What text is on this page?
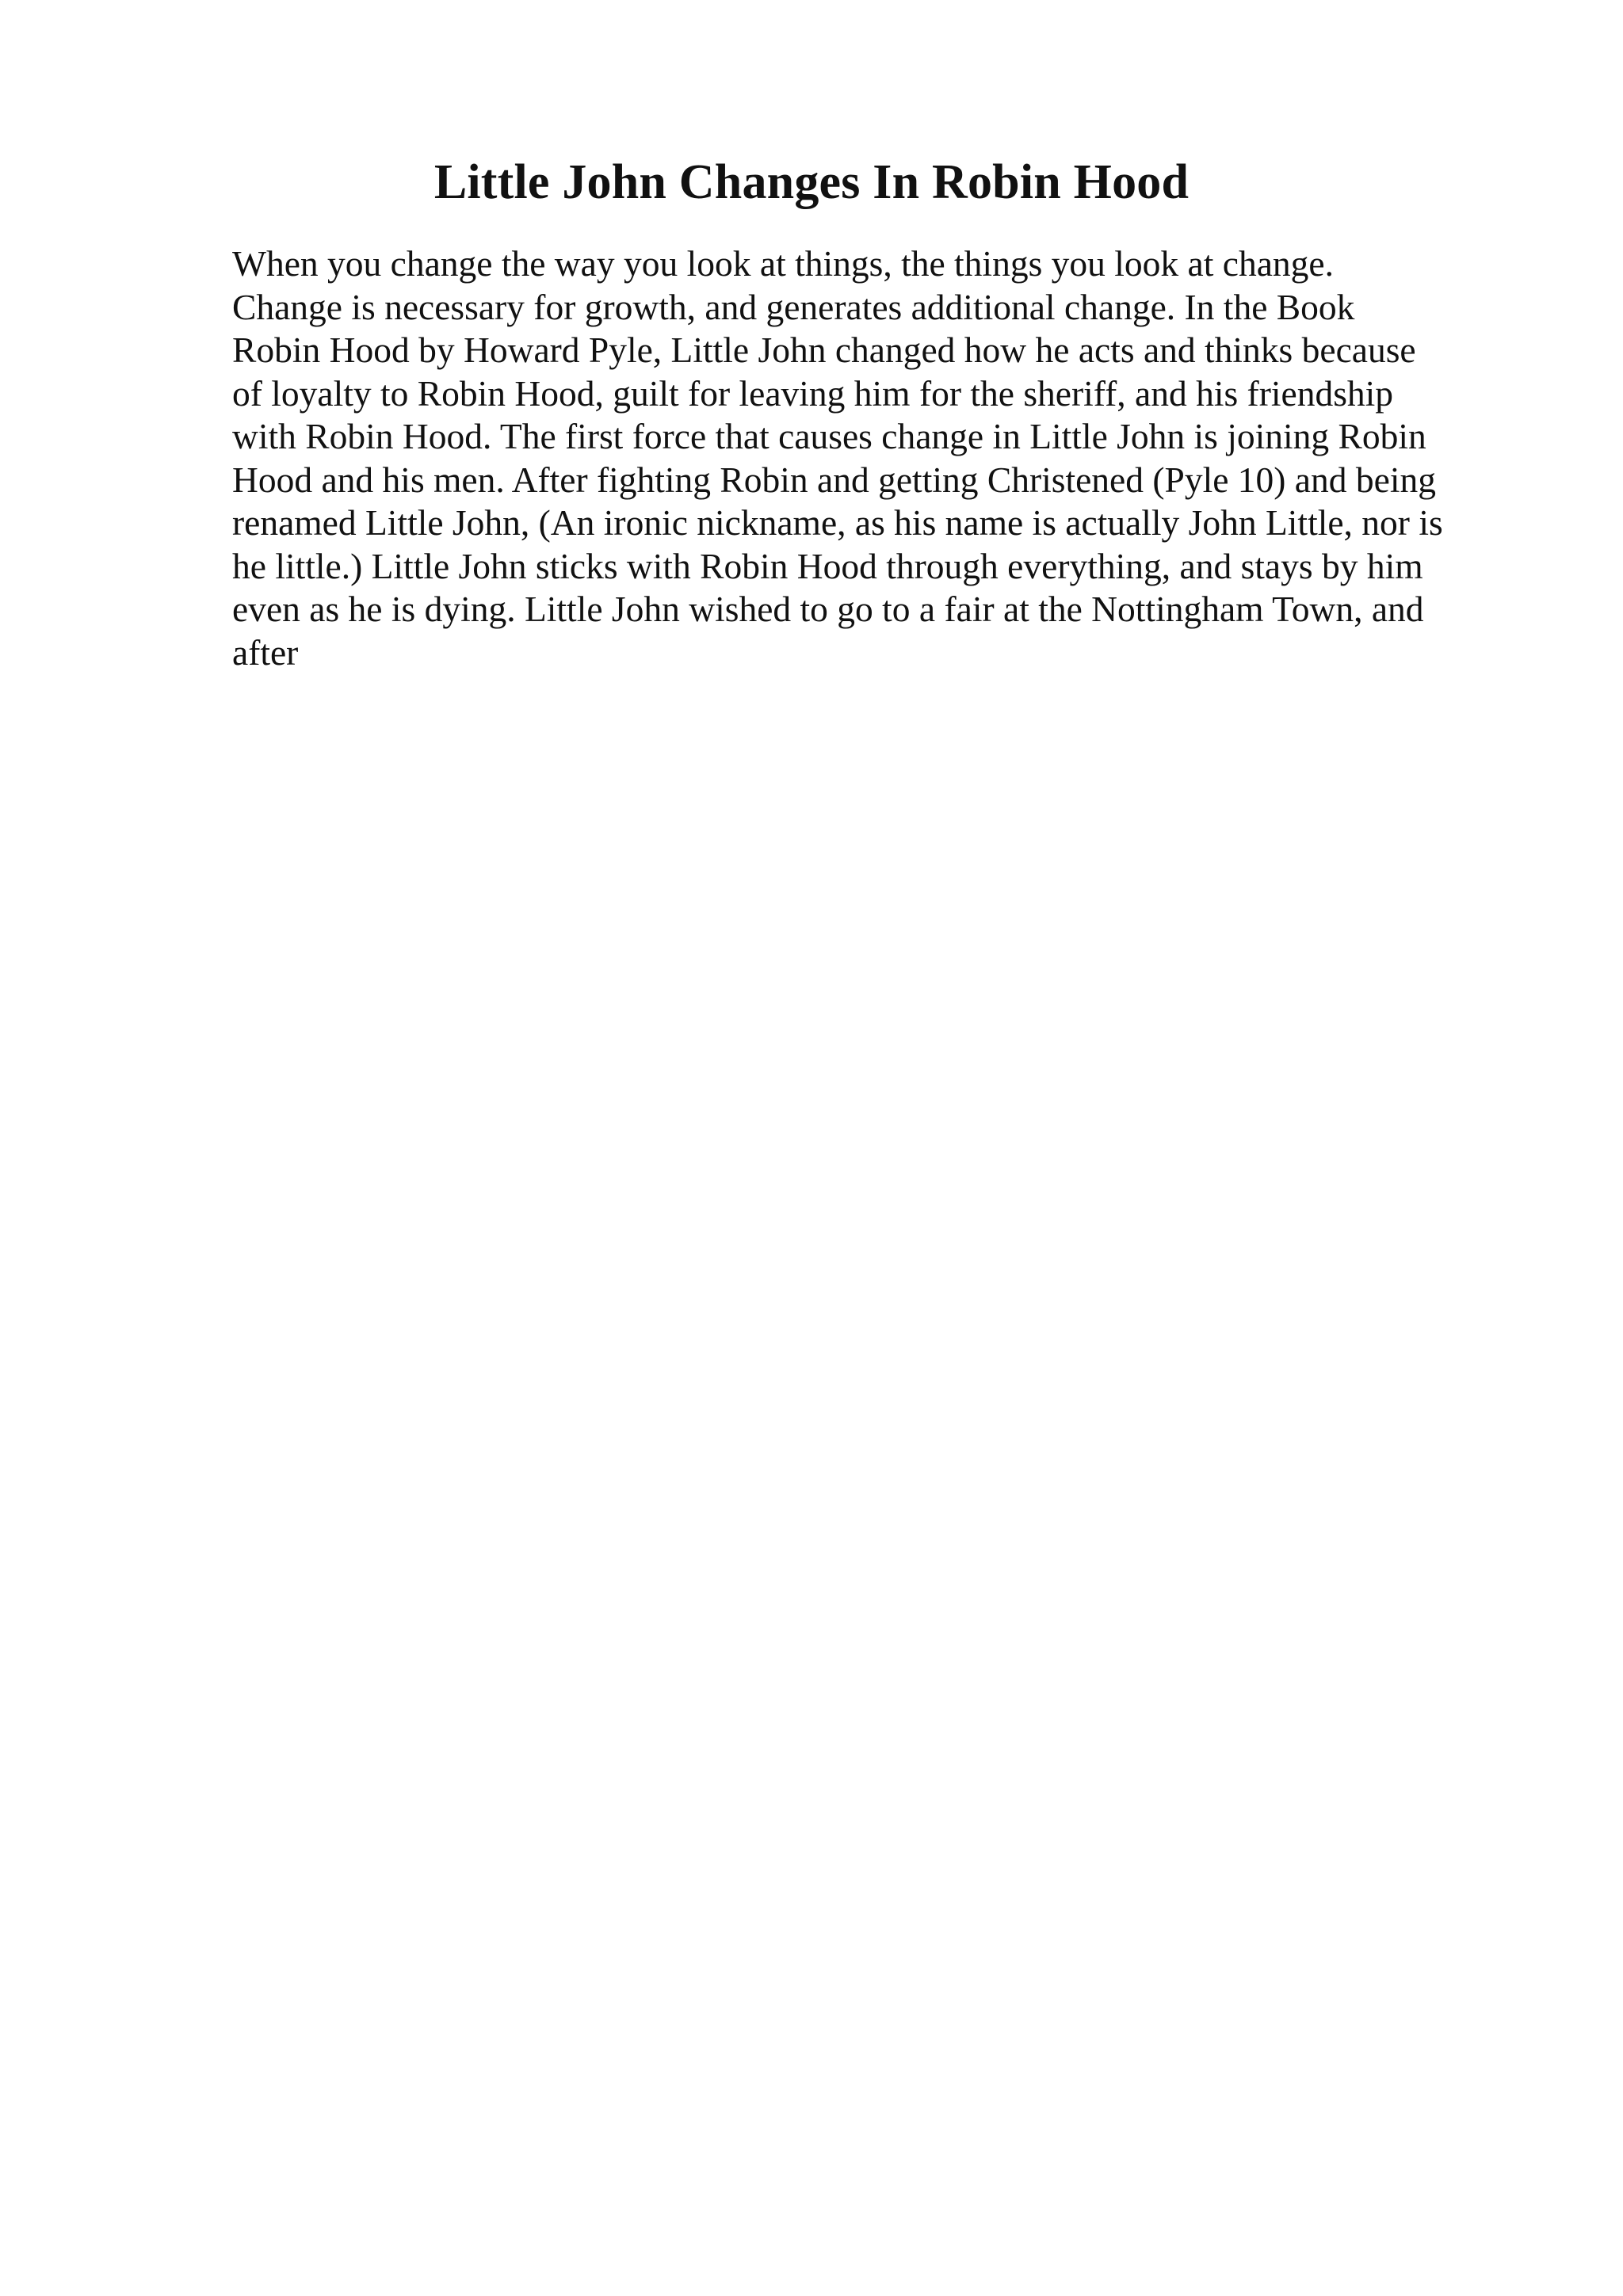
Little John Changes In Robin Hood

When you change the way you look at things, the things you look at change.
Change is necessary for growth, and generates additional change. In the Book
Robin Hood by Howard Pyle, Little John changed how he acts and thinks because
of loyalty to Robin Hood, guilt for leaving him for the sheriff, and his friendship
with Robin Hood. The first force that causes change in Little John is joining Robin
Hood and his men. After fighting Robin and getting Christened (Pyle 10) and being
renamed Little John, (An ironic nickname, as his name is actually John Little, nor is
he little.) Little John sticks with Robin Hood through everything, and stays by him
even as he is dying. Little John wished to go to a fair at the Nottingham Town, and
after
